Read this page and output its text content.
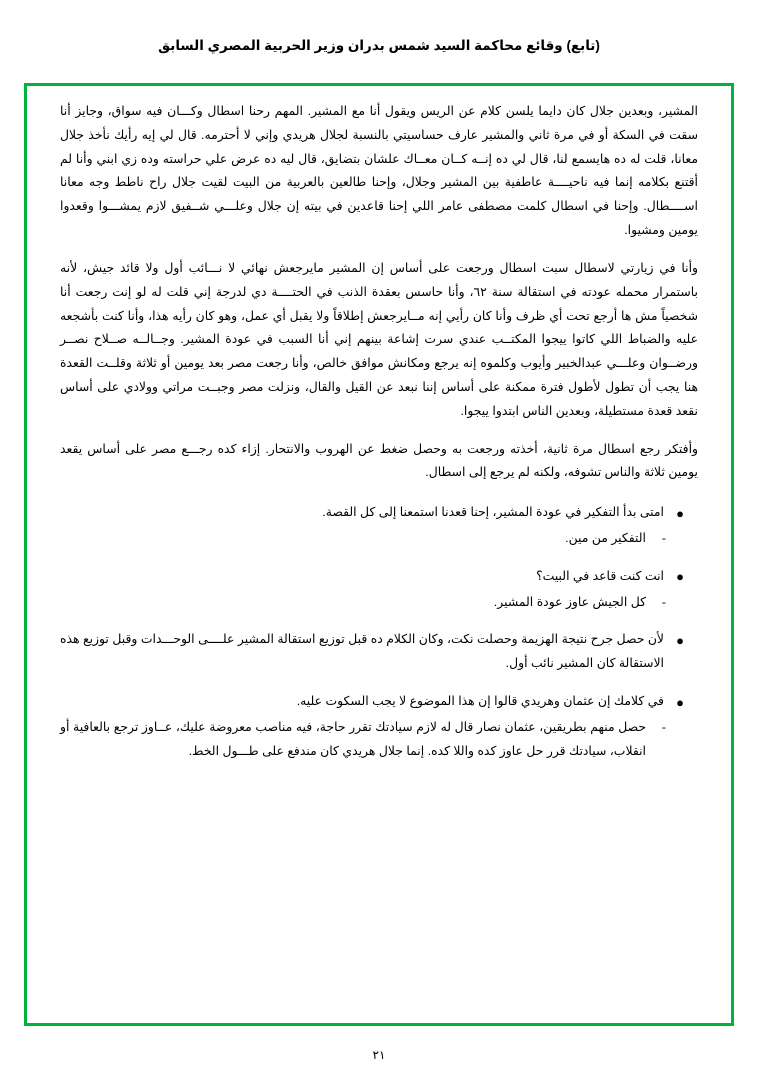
(تابع) وقائع محاكمة السيد شمس بدران وزير الحربية المصري السابق

المشير، وبعدين جلال كان دايما يلسن كلام عن الريس ويقول أنا مع المشير. المهم رحنا اسطال وكـــان فيه سواق، وجايز أنا سقت في السكة أو في مرة ثاني والمشير عارف حساسيتي بالنسبة لجلال هريدي وإني لا أحترمه. قال لي إيه رأيك نأخذ جلال معانا، قلت له ده هايسمع لنا، قال لي ده إنــه كــان معــاك علشان بتضايق، قال ليه ده عرض علي حراسته وده زي ابني وأنا لم أقتنع بكلامه إنما فيه ناحيــــة عاطفية بين المشير وجلال، وإحنا طالعين بالعربية من البيت لقيت جلال راح ناطط وجه معانا اســــطال. وإحنا في اسطال كلمت مصطفى عامر اللي إحنا قاعدين في بيته إن جلال وعلـــي شــفيق لازم يمشـــوا وقعدوا يومين ومشيوا.

وأنا في زيارتي لاسطال سبت اسطال ورجعت على أساس إن المشير مايرجعش نهائي لا نـــائب أول ولا قائد جيش، لأنه باستمرار محمله عودته في استقالة سنة ٦٢، وأنا حاسس بعقدة الذنب في الحتــــة دي لدرجة إني قلت له لو إنت رجعت أنا شخصياً مش ها أرجع تحت أي ظرف وأنا كان رأيي إنه مــايرجعش إطلاقاً ولا يقبل أي عمل، وهو كان رأيه هذا، وأنا كنت بأشجعه عليه والضباط اللي كاتوا ييجوا المكتــب عندي سرت إشاعة بينهم إني أنا السبب في عودة المشير. وجــالــه صــلاح نصــر ورضــوان وعلـــي عبدالخبير وأيوب وكلموه إنه يرجع ومكانش موافق خالص، وأنا رجعت مصر بعد يومين أو ثلاثة وقلــت القعدة هنا يجب أن تطول لأطول فترة ممكنة على أساس إننا نبعد عن القيل والقال، ونزلت مصر وجبــت مراتي وولادي على أساس نقعد قعدة مستطيلة، وبعدين الناس ابتدوا ييجوا.

وأفتكر رجع اسطال مرة ثانية، أخذته ورجعت به وحصل ضغط عن الهروب والانتحار. إزاء كده رجـــع مصر على أساس يقعد يومين ثلاثة والناس تشوفه، ولكنه لم يرجع إلى اسطال.

●
امتى بدأ التفكير في عودة المشير، إحنا قعدنا استمعنا إلى كل القصة.
-
التفكير من مين.
●
انت كنت قاعد في البيت؟
-
كل الجيش عاوز عودة المشير.
●
لأن حصل جرح نتيجة الهزيمة وحصلت نكت، وكان الكلام ده قبل توزيع استقالة المشير علــــى الوحـــدات وقبل توزيع هذه الاستقالة كان المشير نائب أول.
●
في كلامك إن عثمان وهريدي قالوا إن هذا الموضوع لا يجب السكوت عليه.
-
حصل منهم بطريقين، عثمان نصار قال له لازم سيادتك تقرر حاجة، فيه مناصب معروضة عليك، عــاوز ترجع بالعافية أو انقلاب، سيادتك قرر حل عاوز كده واللا كده. إنما جلال هريدي كان مندفع على طـــول الخط.
٢١
